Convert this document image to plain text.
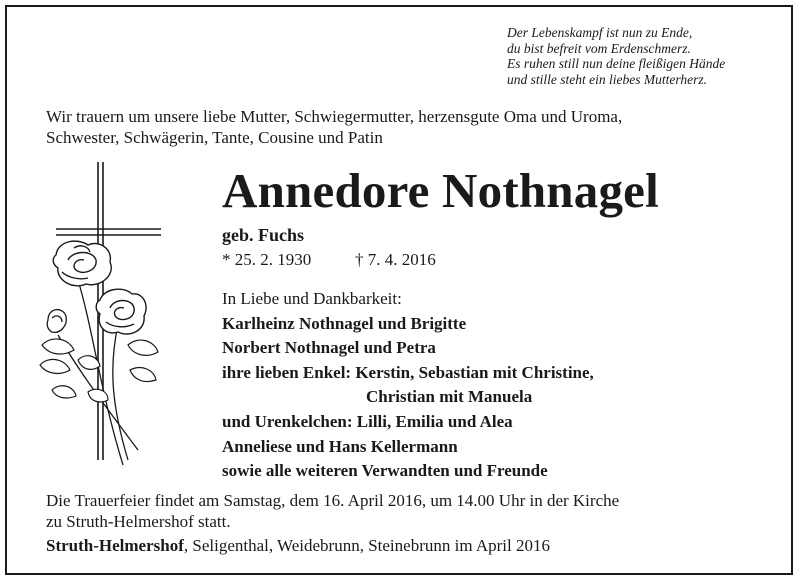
Der Lebenskampf ist nun zu Ende,
du bist befreit vom Erdenschmerz.
Es ruhen still nun deine fleißigen Hände
und stille steht ein liebes Mutterherz.
Wir trauern um unsere liebe Mutter, Schwiegermutter, herzensgute Oma und Uroma,
Schwester, Schwägerin, Tante, Cousine und Patin
Annedore Nothnagel
geb. Fuchs
* 25. 2. 1930	† 7. 4. 2016
In Liebe und Dankbarkeit:
Karlheinz Nothnagel und Brigitte
Norbert Nothnagel und Petra
ihre lieben Enkel: Kerstin, Sebastian mit Christine,
Christian mit Manuela
und Urenkelchen: Lilli, Emilia und Alea
Anneliese und Hans Kellermann
sowie alle weiteren Verwandten und Freunde
Die Trauerfeier findet am Samstag, dem 16. April 2016, um 14.00 Uhr in der Kirche
zu Struth-Helmershof statt.
Struth-Helmershof, Seligenthal, Weidebrunn, Steinebrunn im April 2016
